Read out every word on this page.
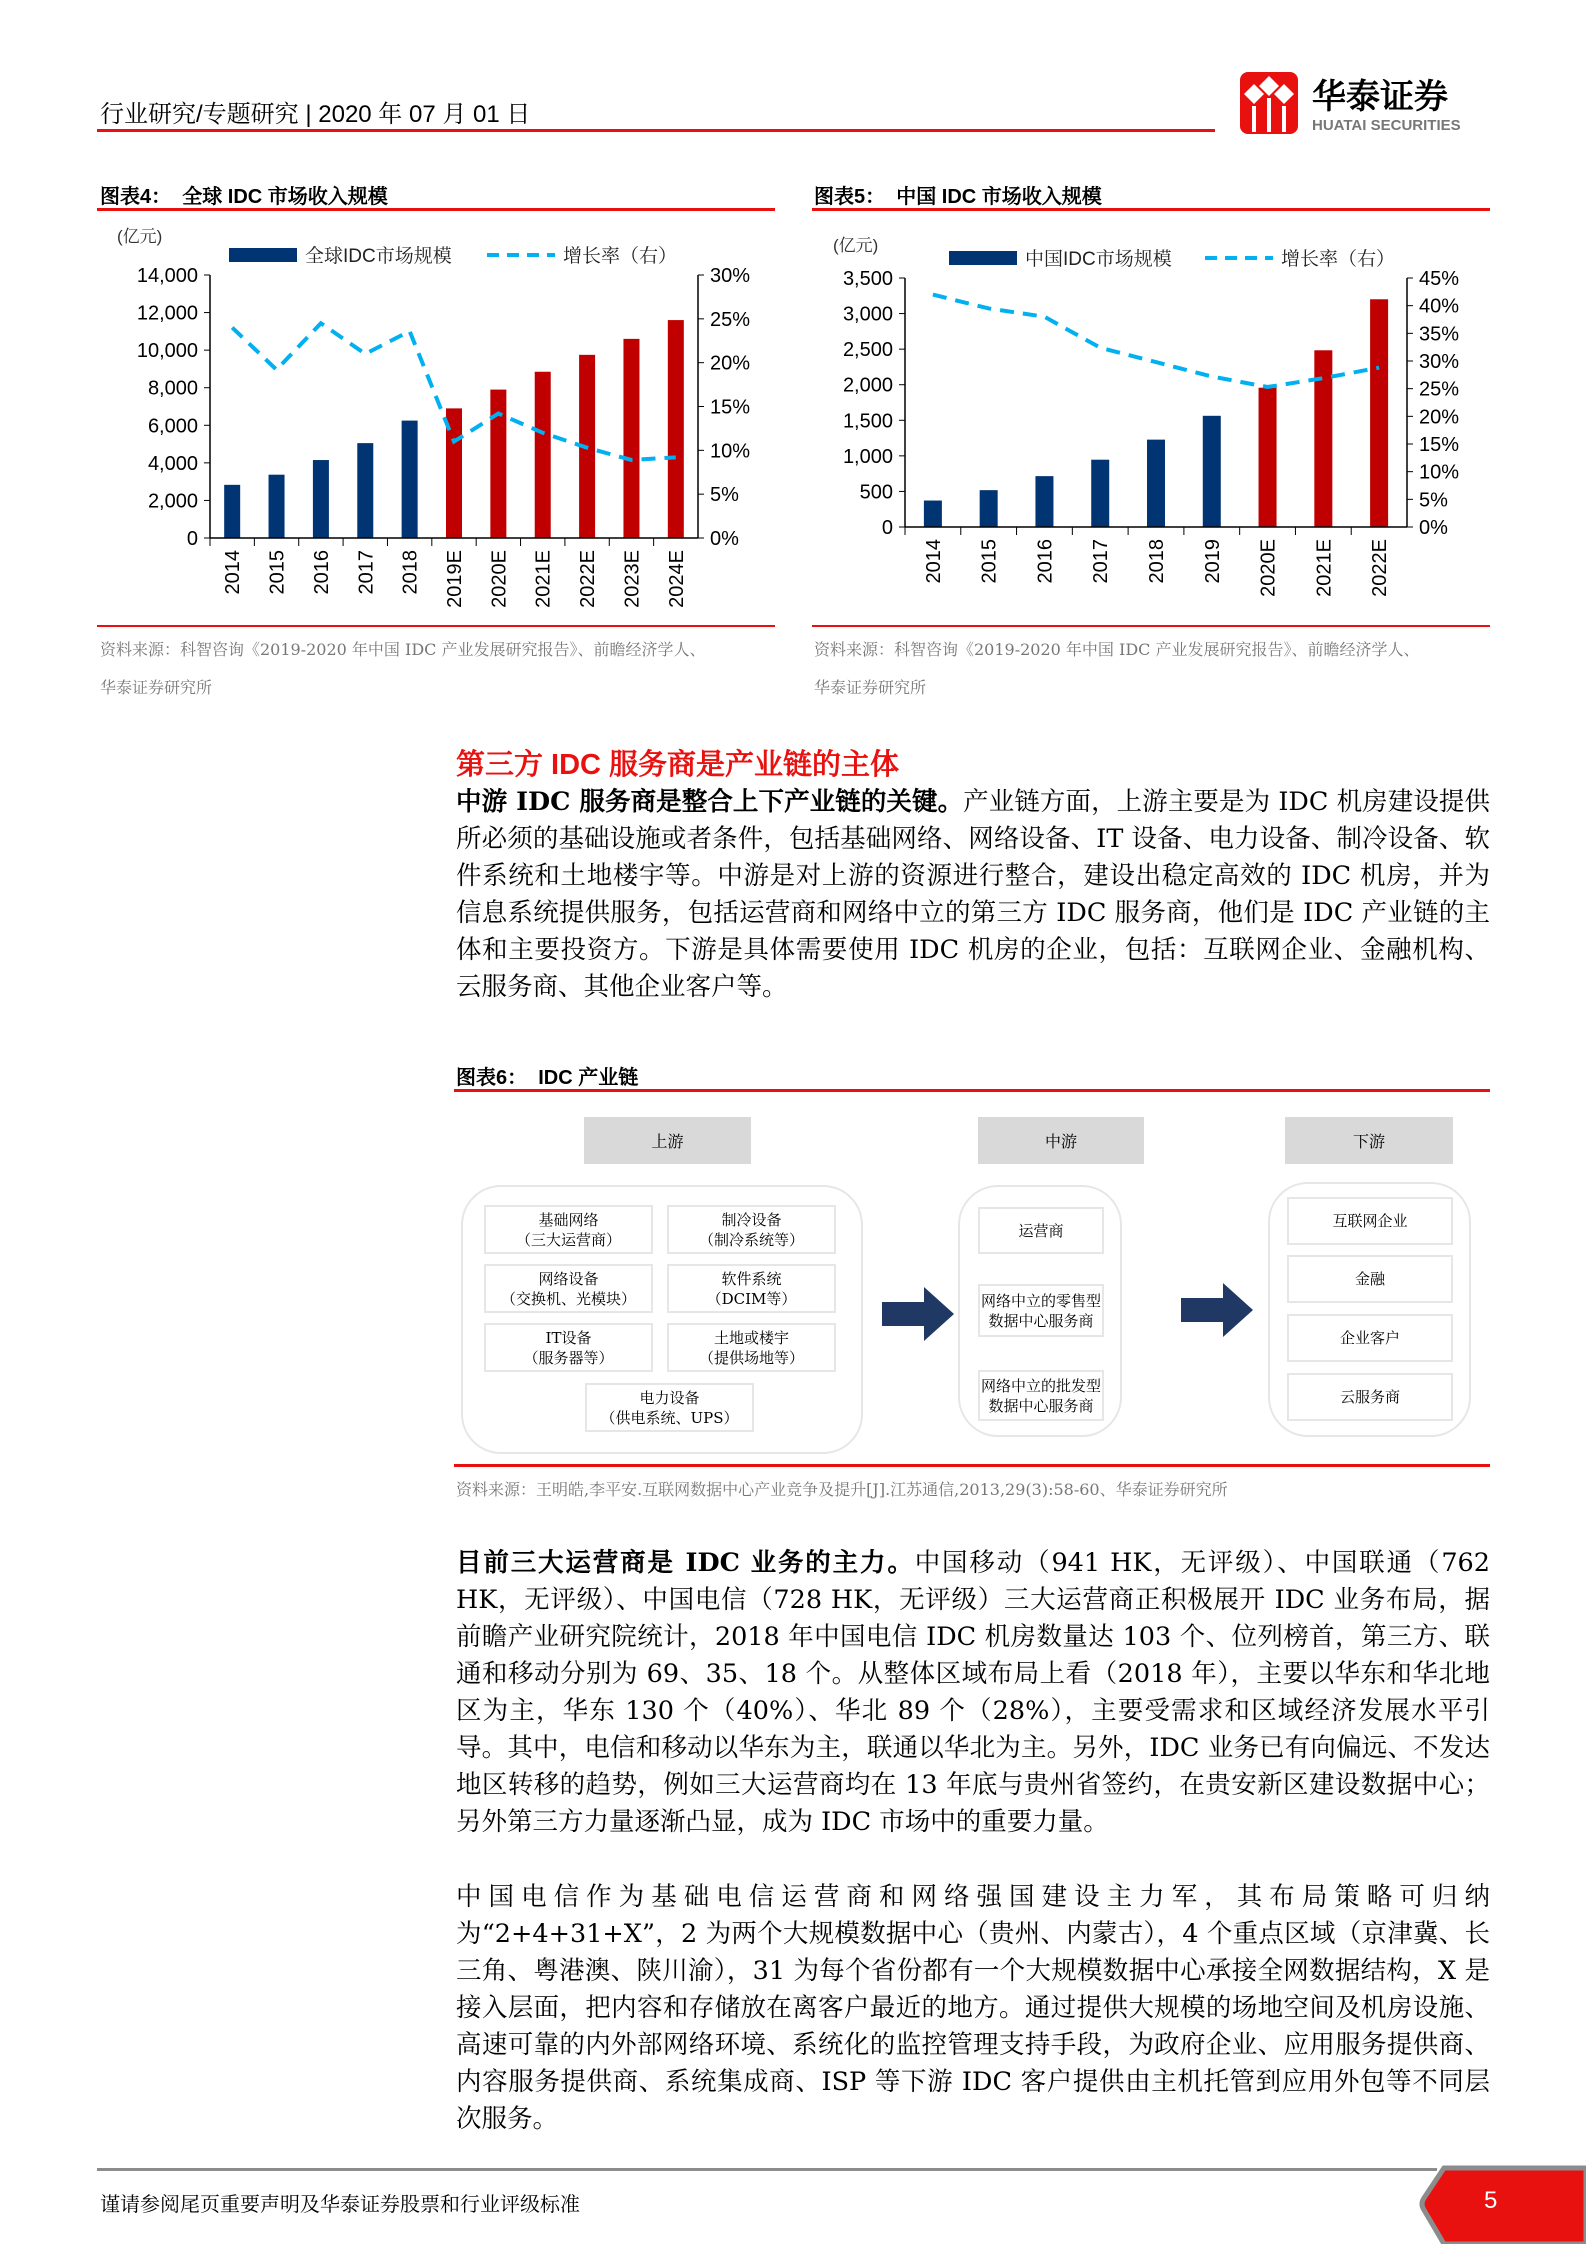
行业研究/专题研究 | 2020 年 07 月 01 日	华泰证券
HUATAI SECURITIES
图表4： 全球 IDC 市场收入规模
(亿元)
全球IDC市场规模	增长率（右）
0
2,000
4,000
6,000
8,000
10,000
12,000
14,000
0%
5%
10%
15%
20%
25%
30%
2014 2015 2016 2017 2018 2019E 2020E 2021E 2022E 2023E 2024E
资料来源：科智咨询《2019-2020 年中国 IDC 产业发展研究报告》、前瞻经济学人、
华泰证券研究所
图表5： 中国 IDC 市场收入规模
(亿元)
中国IDC市场规模	增长率（右）
0
500
1,000
1,500
2,000
2,500
3,000
3,500
0%
5%
10%
15%
20%
25%
30%
35%
40%
45%
2014 2015 2016 2017 2018 2019 2020E 2021E 2022E
资料来源：科智咨询《2019-2020 年中国 IDC 产业发展研究报告》、前瞻经济学人、
华泰证券研究所
第三方 IDC 服务商是产业链的主体
中游 IDC 服务商是整合上下产业链的关键。产业链方面，上游主要是为 IDC 机房建设提供所必须的基础设施或者条件，包括基础网络、网络设备、IT 设备、电力设备、制冷设备、软件系统和土地楼宇等。中游是对上游的资源进行整合，建设出稳定高效的 IDC 机房，并为信息系统提供服务，包括运营商和网络中立的第三方 IDC 服务商，他们是 IDC 产业链的主体和主要投资方。下游是具体需要使用 IDC 机房的企业，包括：互联网企业、金融机构、云服务商、其他企业客户等。
图表6： IDC 产业链
上游	中游	下游
基础网络
（三大运营商）
制冷设备
（制冷系统等）
网络设备
（交换机、光模块）
软件系统
（DCIM等）
IT设备
（服务器等）
土地或楼宇
（提供场地等）
电力设备
（供电系统、UPS）
运营商
网络中立的零售型
数据中心服务商
网络中立的批发型
数据中心服务商
互联网企业
金融
企业客户
云服务商
资料来源：王明皓,李平安.互联网数据中心产业竞争及提升[J].江苏通信,2013,29(3):58-60、华泰证券研究所
目前三大运营商是 IDC 业务的主力。中国移动（941 HK，无评级）、中国联通（762 HK，无评级）、中国电信（728 HK，无评级）三大运营商正积极展开 IDC 业务布局，据前瞻产业研究院统计，2018 年中国电信 IDC 机房数量达 103 个、位列榜首，第三方、联通和移动分别为 69、35、18 个。从整体区域布局上看（2018 年），主要以华东和华北地区为主，华东 130 个（40%）、华北 89 个（28%），主要受需求和区域经济发展水平引导。其中，电信和移动以华东为主，联通以华北为主。另外，IDC 业务已有向偏远、不发达地区转移的趋势，例如三大运营商均在 13 年底与贵州省签约，在贵安新区建设数据中心；另外第三方力量逐渐凸显，成为 IDC 市场中的重要力量。
中国电信作为基础电信运营商和网络强国建设主力军，其布局策略可归纳为“2+4+31+X”，2 为两个大规模数据中心（贵州、内蒙古），4 个重点区域（京津冀、长三角、粤港澳、陕川渝），31 为每个省份都有一个大规模数据中心承接全网数据结构，X 是接入层面，把内容和存储放在离客户最近的地方。通过提供大规模的场地空间及机房设施、高速可靠的内外部网络环境、系统化的监控管理支持手段，为政府企业、应用服务提供商、内容服务提供商、系统集成商、ISP 等下游 IDC 客户提供由主机托管到应用外包等不同层次服务。
谨请参阅尾页重要声明及华泰证券股票和行业评级标准	5
